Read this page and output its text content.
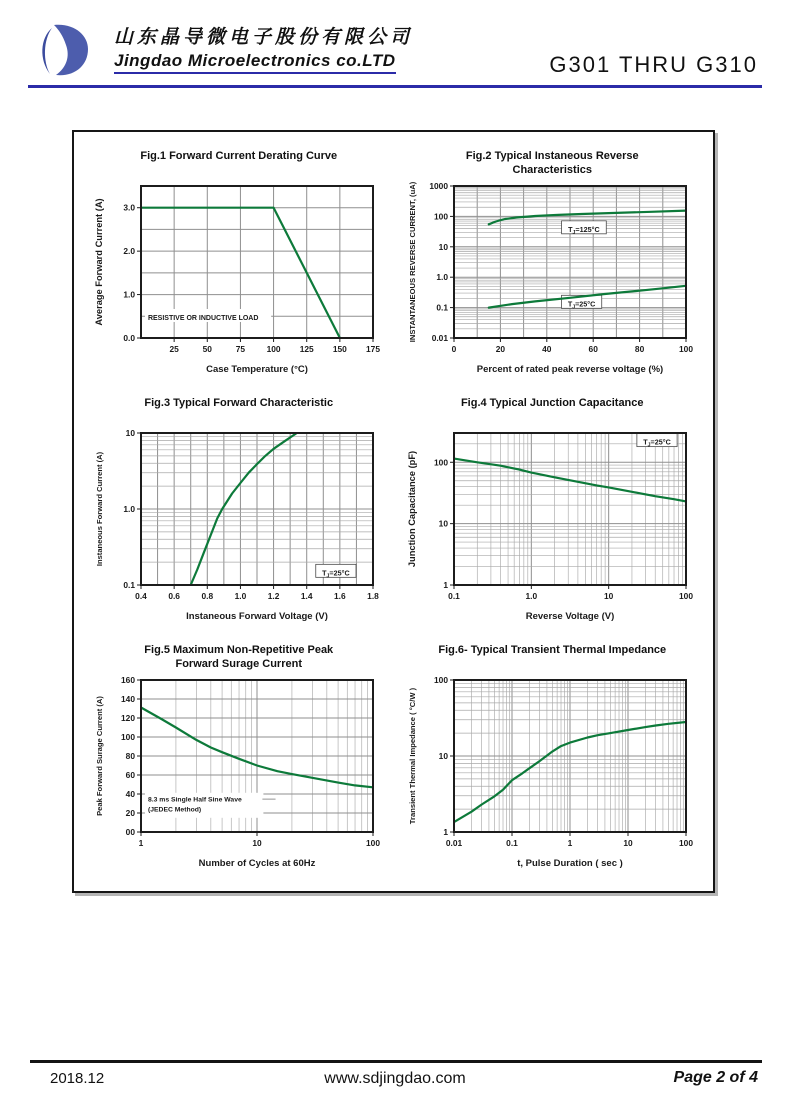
山东晶导微电子股份有限公司
Jingdao Microelectronics co.LTD	G301 THRU G310
Fig.1 Forward Current Derating Curve
RESISTIVE OR INDUCTIVE LOAD
25	50	75	100 125 150 175
0.0
1.0
2.0
3.0
Case Temperature (°C)
Average Forward Current (A)
Fig.2 Typical Instaneous Reverse
Characteristics
$T_J=125^\circ C$
$T_J=25^\circ C$
0	20	40	60	80	100
1000
100
10
1.0
0.1
0.01
Percent of rated peak reverse voltage (%)
INSTANTANEOUS REVERSE CURRENT, (uA)
Fig.3 Typical Forward Characteristic
$T_J=25^\circ C$
0.4	0.6	0.8	1.0	1.2	1.4	1.6	1.8
10
1.0
0.1
Instaneous Forward Voltage (V)
Instaneous Forward Current (A)
Fig.4 Typical Junction Capacitance
$T_J=25^\circ C$
0.1	1.0	10	100
100
10
1
Reverse Voltage (V)
Junction Capacitance (pF)
Fig.5 Maximum Non-Repetitive Peak
Forward Surage Current
8.3 ms Single Half Sine Wave
(JEDEC Method)
1	10	100
160
140
120
100
80
60
40
20
00
Number of Cycles at 60Hz
Peak Forward Surage Current (A)
Fig.6- Typical Transient Thermal Impedance
0.01	0.1	1	10	100
100
10
1
t, Pulse Duration ( sec )
Transient Thermal Impedance ( °C/W )
2018.12	www.sdjingdao.com	Page 2 of 4
